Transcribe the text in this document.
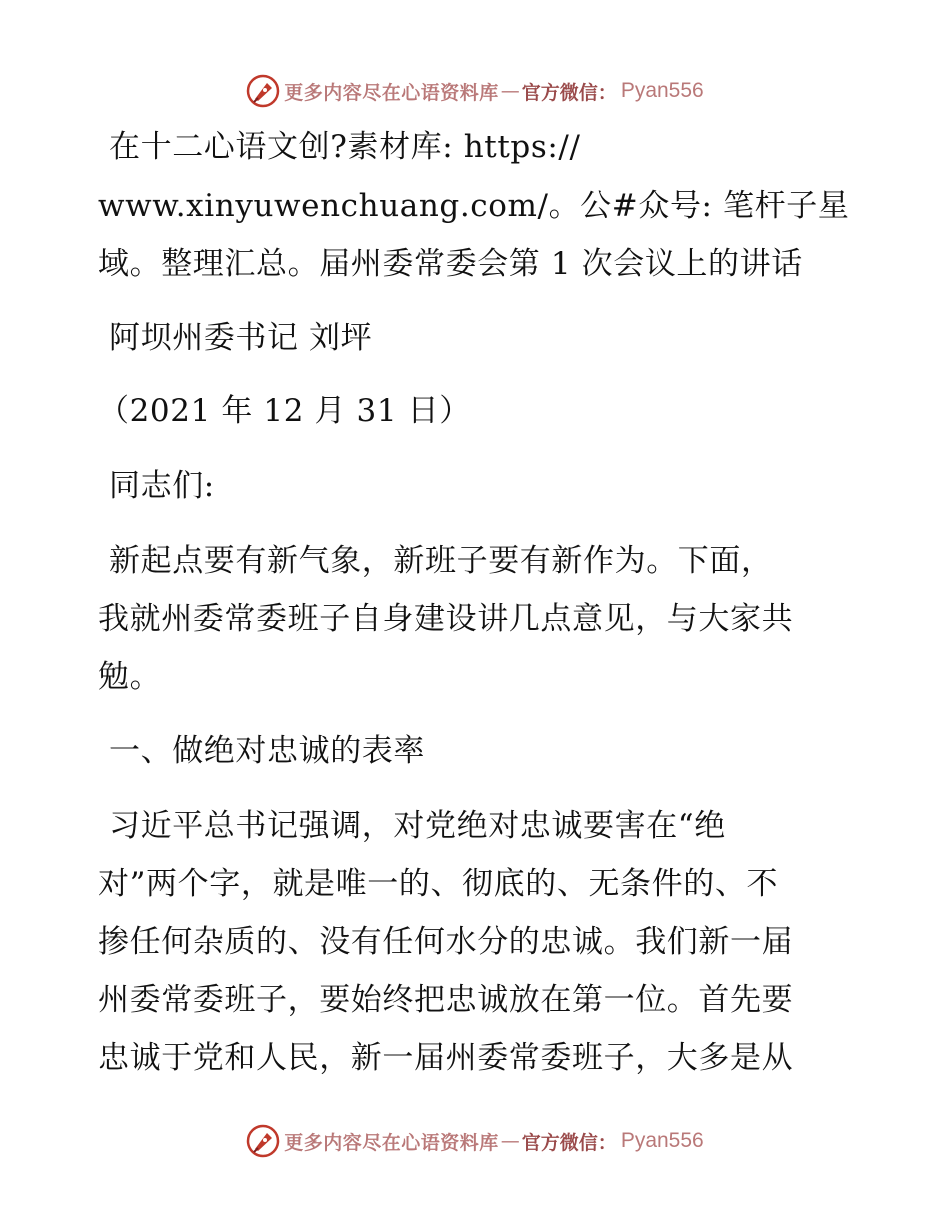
更多内容尽在心语资料库 — 官方微信： Pyan556
在十二心语文创?素材库: https://
www.xinyuwenchuang.com/。公#众号: 笔杆子星
域。整理汇总。届州委常委会第 1 次会议上的讲话
阿坝州委书记 刘坪
（2021 年 12 月 31 日）
同志们:
新起点要有新气象，新班子要有新作为。下面，
我就州委常委班子自身建设讲几点意见，与大家共
勉。
一、做绝对忠诚的表率
习近平总书记强调，对党绝对忠诚要害在“绝
对”两个字，就是唯一的、彻底的、无条件的、不
掺任何杂质的、没有任何水分的忠诚。我们新一届
州委常委班子，要始终把忠诚放在第一位。首先要
忠诚于党和人民，新一届州委常委班子，大多是从
更多内容尽在心语资料库 — 官方微信： Pyan556
